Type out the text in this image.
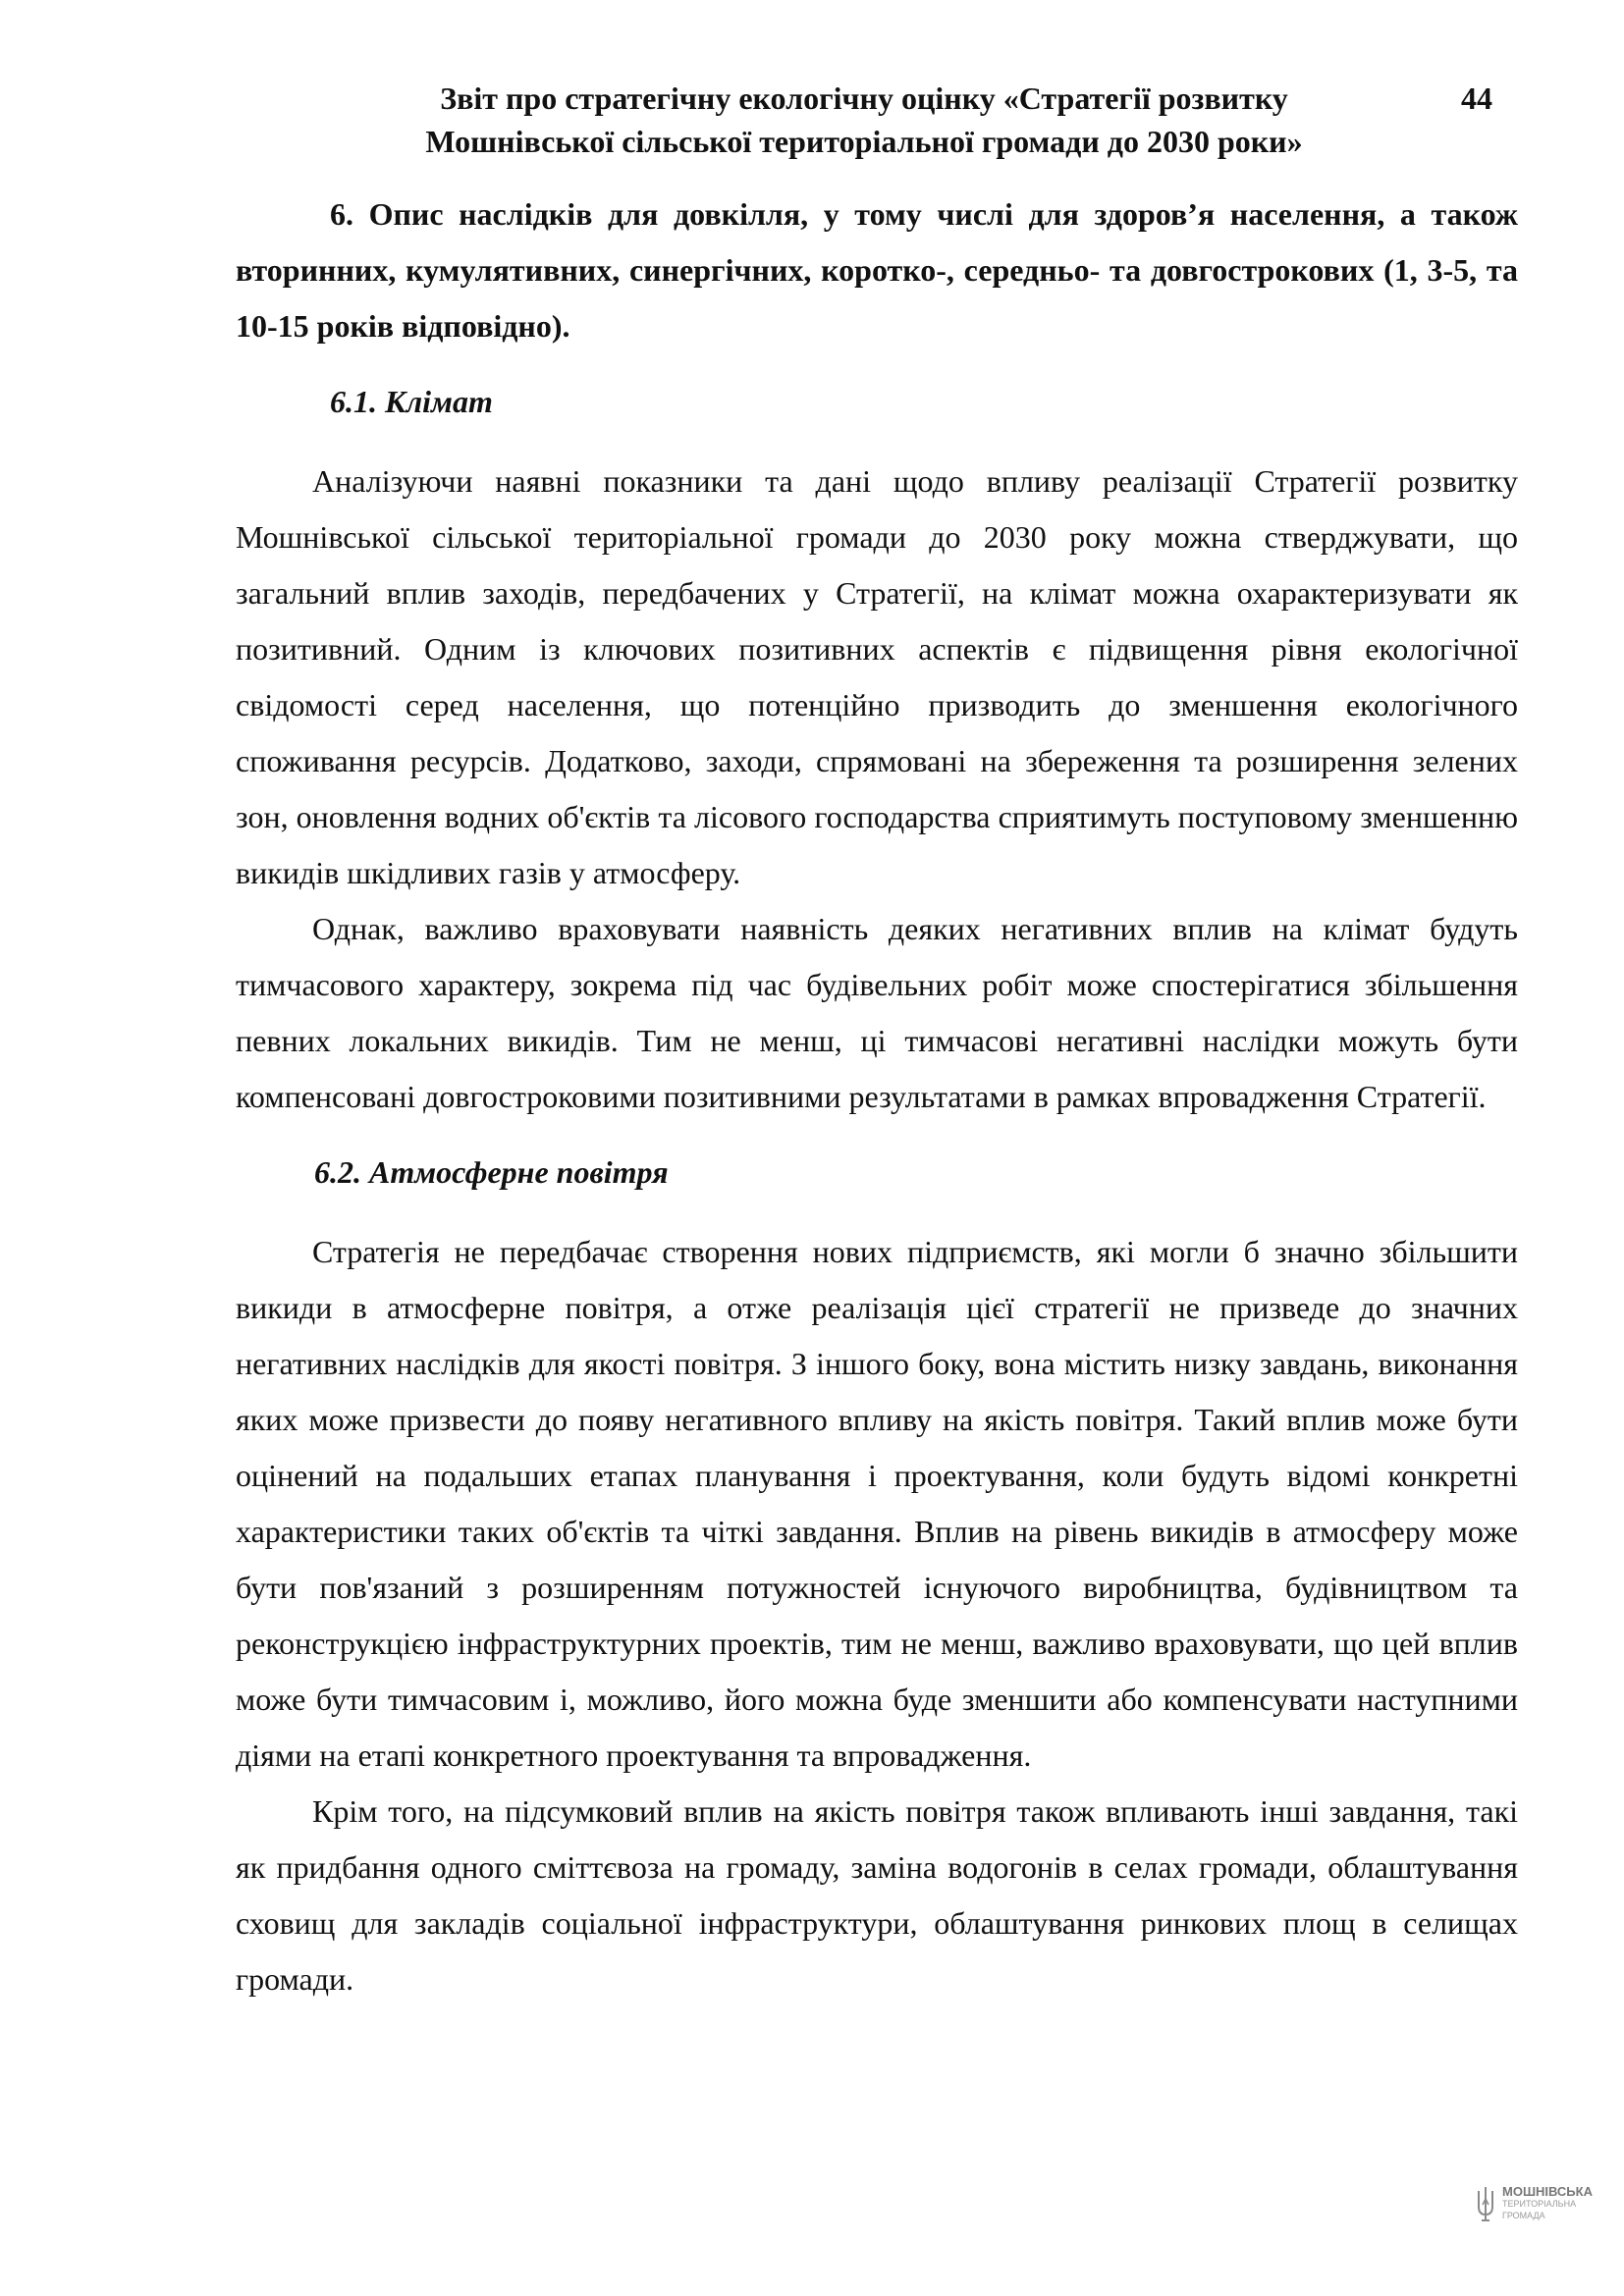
Звіт про стратегічну екологічну оцінку «Стратегії розвитку
Мошнівської сільської територіальної громади до 2030 роки»
44

6. Опис наслідків для довкілля, у тому числі для здоров’я населення, а також вторинних, кумулятивних, синергічних, коротко-, середньо- та довгострокових (1, 3-5, та 10-15 років відповідно).

6.1. Клімат

Аналізуючи наявні показники та дані щодо впливу реалізації Стратегії розвитку Мошнівської сільської територіальної громади до 2030 року можна стверджувати, що загальний вплив заходів, передбачених у Стратегії, на клімат можна охарактеризувати як позитивний. Одним із ключових позитивних аспектів є підвищення рівня екологічної свідомості серед населення, що потенційно призводить до зменшення екологічного споживання ресурсів. Додатково, заходи, спрямовані на збереження та розширення зелених зон, оновлення водних об'єктів та лісового господарства сприятимуть поступовому зменшенню викидів шкідливих газів у атмосферу.

Однак, важливо враховувати наявність деяких негативних вплив на клімат будуть тимчасового характеру, зокрема під час будівельних робіт може спостерігатися збільшення певних локальних викидів. Тим не менш, ці тимчасові негативні наслідки можуть бути компенсовані довгостроковими позитивними результатами в рамках впровадження Стратегії.

6.2. Атмосферне повітря

Стратегія не передбачає створення нових підприємств, які могли б значно збільшити викиди в атмосферне повітря, а отже реалізація цієї стратегії не призведе до значних негативних наслідків для якості повітря. З іншого боку, вона містить низку завдань, виконання яких може призвести до появу негативного впливу на якість повітря. Такий вплив може бути оцінений на подальших етапах планування і проектування, коли будуть відомі конкретні характеристики таких об'єктів та чіткі завдання. Вплив на рівень викидів в атмосферу може бути пов'язаний з розширенням потужностей існуючого виробництва, будівництвом та реконструкцією інфраструктурних проектів, тим не менш, важливо враховувати, що цей вплив може бути тимчасовим і, можливо, його можна буде зменшити або компенсувати наступними діями на етапі конкретного проектування та впровадження.

Крім того, на підсумковий вплив на якість повітря також впливають інші завдання, такі як придбання одного сміттєвоза на громаду, заміна водогонів в селах громади, облаштування сховищ для закладів соціальної інфраструктури, облаштування ринкових площ в селищах громади.

МОШНІВСЬКА
ТЕРИТОРІАЛЬНА
ГРОМАДА
